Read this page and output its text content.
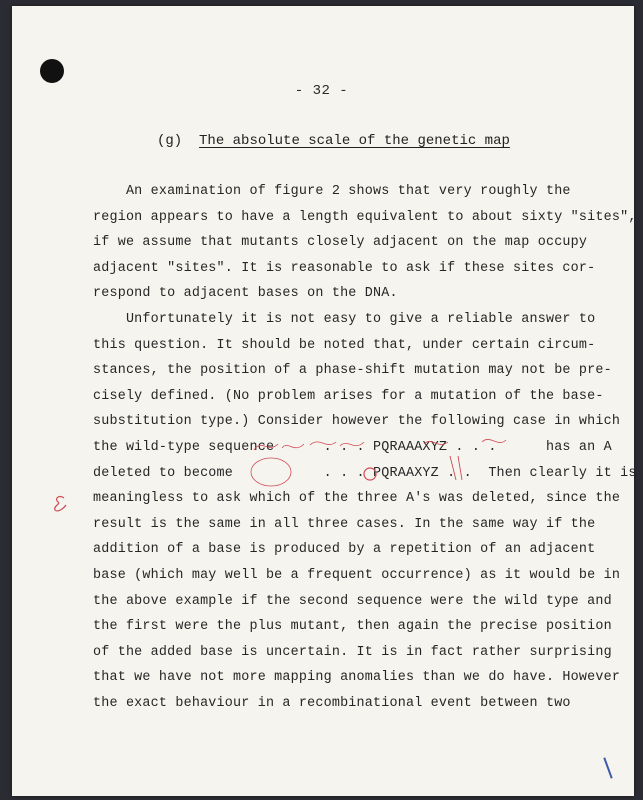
- 32 -
(g) The absolute scale of the genetic map
An examination of figure 2 shows that very roughly the
region appears to have a length equivalent to about sixty "sites",
if we assume that mutants closely adjacent on the map occupy
adjacent "sites". It is reasonable to ask if these sites cor-
respond to adjacent bases on the DNA.
Unfortunately it is not easy to give a reliable answer to
this question. It should be noted that, under certain circum-
stances, the position of a phase-shift mutation may not be pre-
cisely defined. (No problem arises for a mutation of the base-
substitution type.) Consider however the following case in which
the wild-type sequence      . . . PQRAAAXYZ . . .      has an A
deleted to become           . . . PQRAAXYZ . .  Then clearly it is
meaningless to ask which of the three A's was deleted, since the
result is the same in all three cases. In the same way if the
addition of a base is produced by a repetition of an adjacent
base (which may well be a frequent occurrence) as it would be in
the above example if the second sequence were the wild type and
the first were the plus mutant, then again the precise position
of the added base is uncertain. It is in fact rather surprising
that we have not more mapping anomalies than we do have. However
the exact behaviour in a recombinational event between two
